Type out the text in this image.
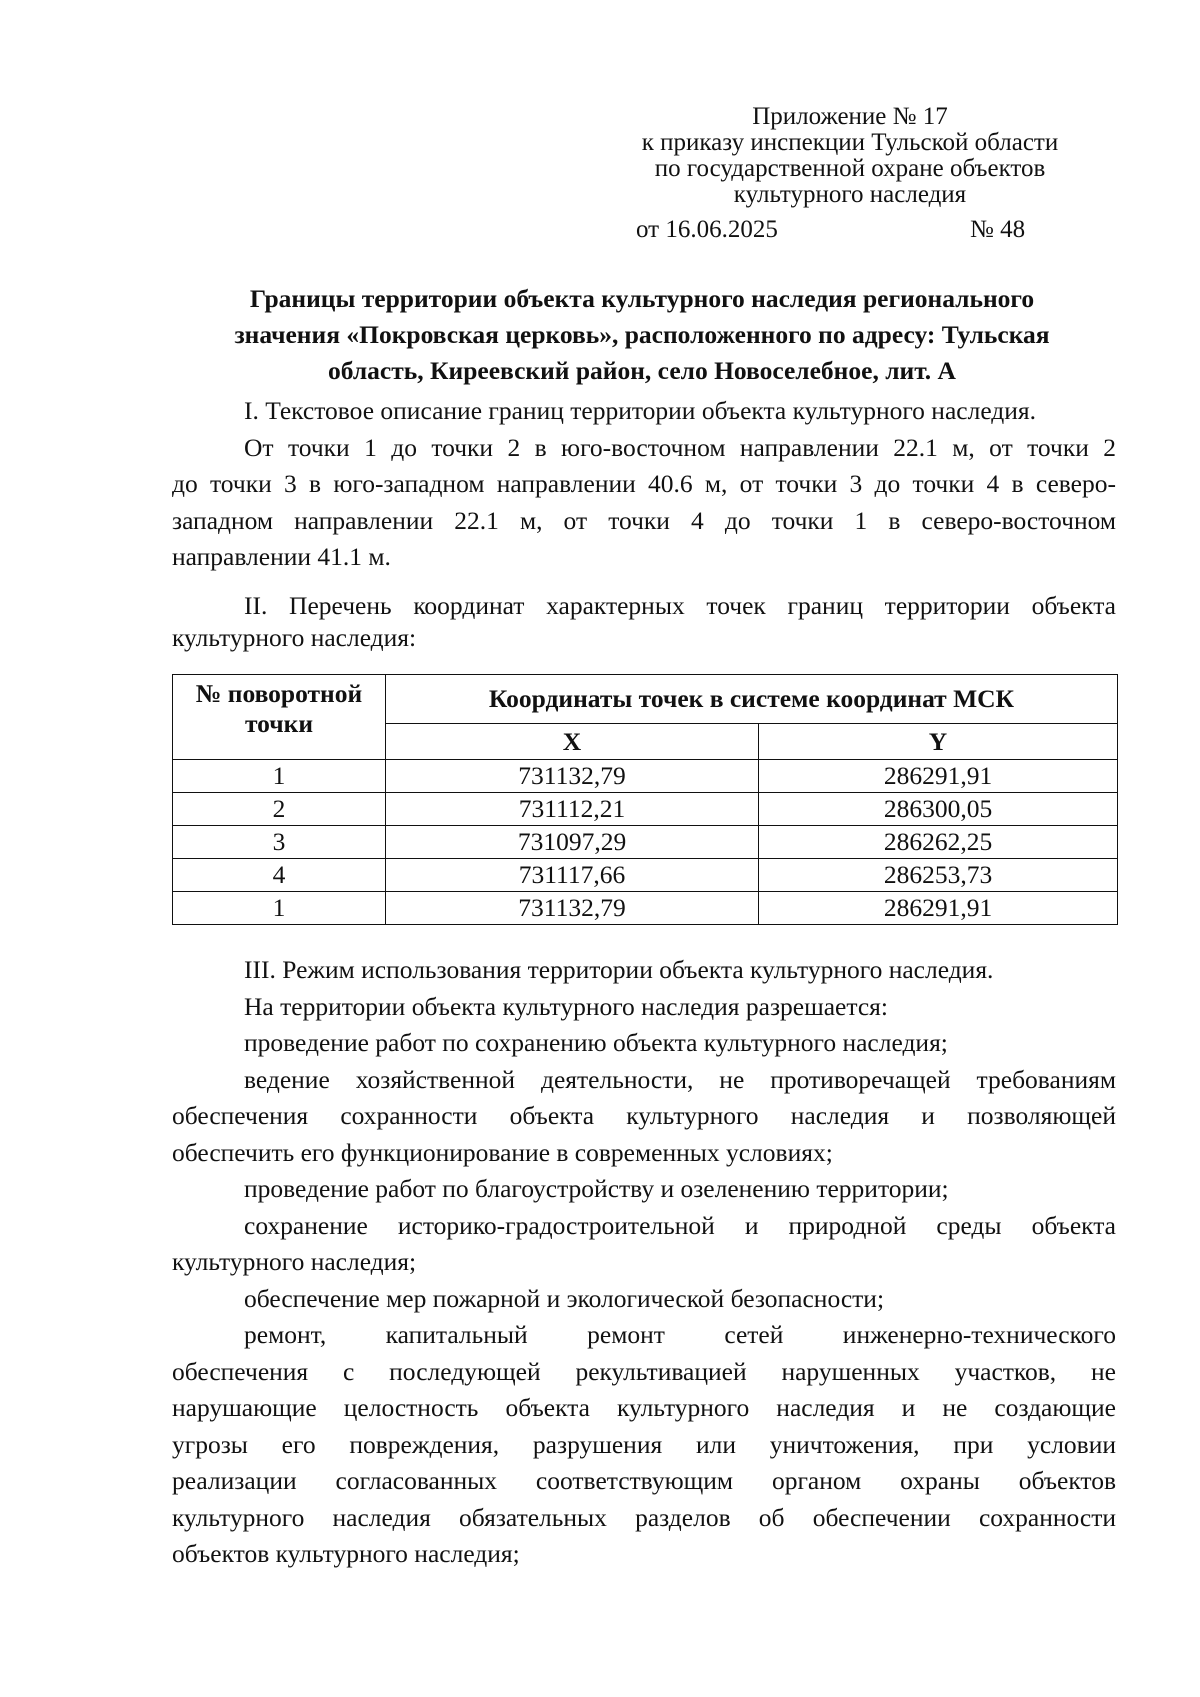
Приложение № 17
к приказу инспекции Тульской области
по государственной охране объектов
культурного наследия
от 16.06.2025	№ 48
Границы территории объекта культурного наследия регионального
значения «Покровская церковь», расположенного по адресу: Тульская
область, Киреевский район, село Новоселебное, лит. А
I. Текстовое описание границ территории объекта культурного наследия.
От точки 1 до точки 2 в юго-восточном направлении 22.1 м, от точки 2
до точки 3 в юго-западном направлении 40.6 м, от точки 3 до точки 4 в северо-
западном направлении 22.1 м, от точки 4 до точки 1 в северо-восточном
направлении 41.1 м.
II. Перечень координат характерных точек границ территории объекта
культурного наследия:
№ поворотной
точки	Координаты точек в системе координат МСК	
	X	Y
1	731132,79	286291,91
2	731112,21	286300,05
3	731097,29	286262,25
4	731117,66	286253,73
1	731132,79	286291,91
III. Режим использования территории объекта культурного наследия.
На территории объекта культурного наследия разрешается:
проведение работ по сохранению объекта культурного наследия;
ведение хозяйственной деятельности, не противоречащей требованиям
обеспечения сохранности объекта культурного наследия и позволяющей
обеспечить его функционирование в современных условиях;
проведение работ по благоустройству и озеленению территории;
сохранение историко-градостроительной и природной среды объекта
культурного наследия;
обеспечение мер пожарной и экологической безопасности;
ремонт, капитальный ремонт сетей инженерно-технического
обеспечения с последующей рекультивацией нарушенных участков, не
нарушающие целостность объекта культурного наследия и не создающие
угрозы его повреждения, разрушения или уничтожения, при условии
реализации согласованных соответствующим органом охраны объектов
культурного наследия обязательных разделов об обеспечении сохранности
объектов культурного наследия;
